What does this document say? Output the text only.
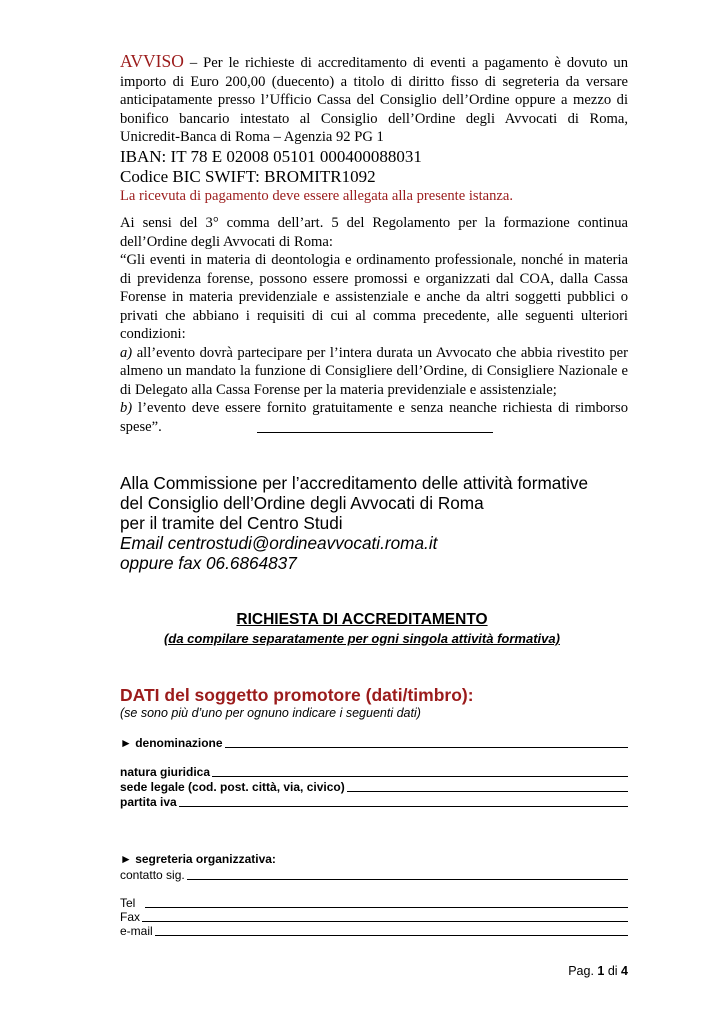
AVVISO – Per le richieste di accreditamento di eventi a pagamento è dovuto un importo di Euro 200,00 (duecento) a titolo di diritto fisso di segreteria da versare anticipatamente presso l’Ufficio Cassa del Consiglio dell’Ordine oppure a mezzo di bonifico bancario intestato al Consiglio dell’Ordine degli Avvocati di Roma, Unicredit-Banca di Roma – Agenzia 92 PG 1
IBAN: IT 78 E 02008 05101 000400088031
Codice BIC SWIFT: BROMITR1092
La ricevuta di pagamento deve essere allegata alla presente istanza.
Ai sensi del 3° comma dell’art. 5 del Regolamento per la formazione continua dell’Ordine degli Avvocati di Roma:
“Gli eventi in materia di deontologia e ordinamento professionale, nonché in materia di previdenza forense, possono essere promossi e organizzati dal COA, dalla Cassa Forense in materia previdenziale e assistenziale e anche da altri soggetti pubblici o privati che abbiano i requisiti di cui al comma precedente, alle seguenti ulteriori condizioni:
a) all’evento dovrà partecipare per l’intera durata un Avvocato che abbia rivestito per almeno un mandato la funzione di Consigliere dell’Ordine, di Consigliere Nazionale e di Delegato alla Cassa Forense per la materia previdenziale e assistenziale;
b) l’evento deve essere fornito gratuitamente e senza neanche richiesta di rimborso spese”.
Alla Commissione per l’accreditamento delle attività formative
del Consiglio dell’Ordine degli Avvocati di Roma
per il tramite del Centro Studi
Email centrostudi@ordineavvocati.roma.it
oppure fax 06.6864837
RICHIESTA DI ACCREDITAMENTO
(da compilare separatamente per ogni singola attività formativa)
DATI del soggetto promotore (dati/timbro):
(se sono più d’uno per ognuno indicare i seguenti dati)
► denominazione
natura giuridica
sede legale (cod. post. città, via, civico)
partita iva
► segreteria organizzativa:
contatto sig.
Tel
Fax
e-mail
Pag. 1 di 4
